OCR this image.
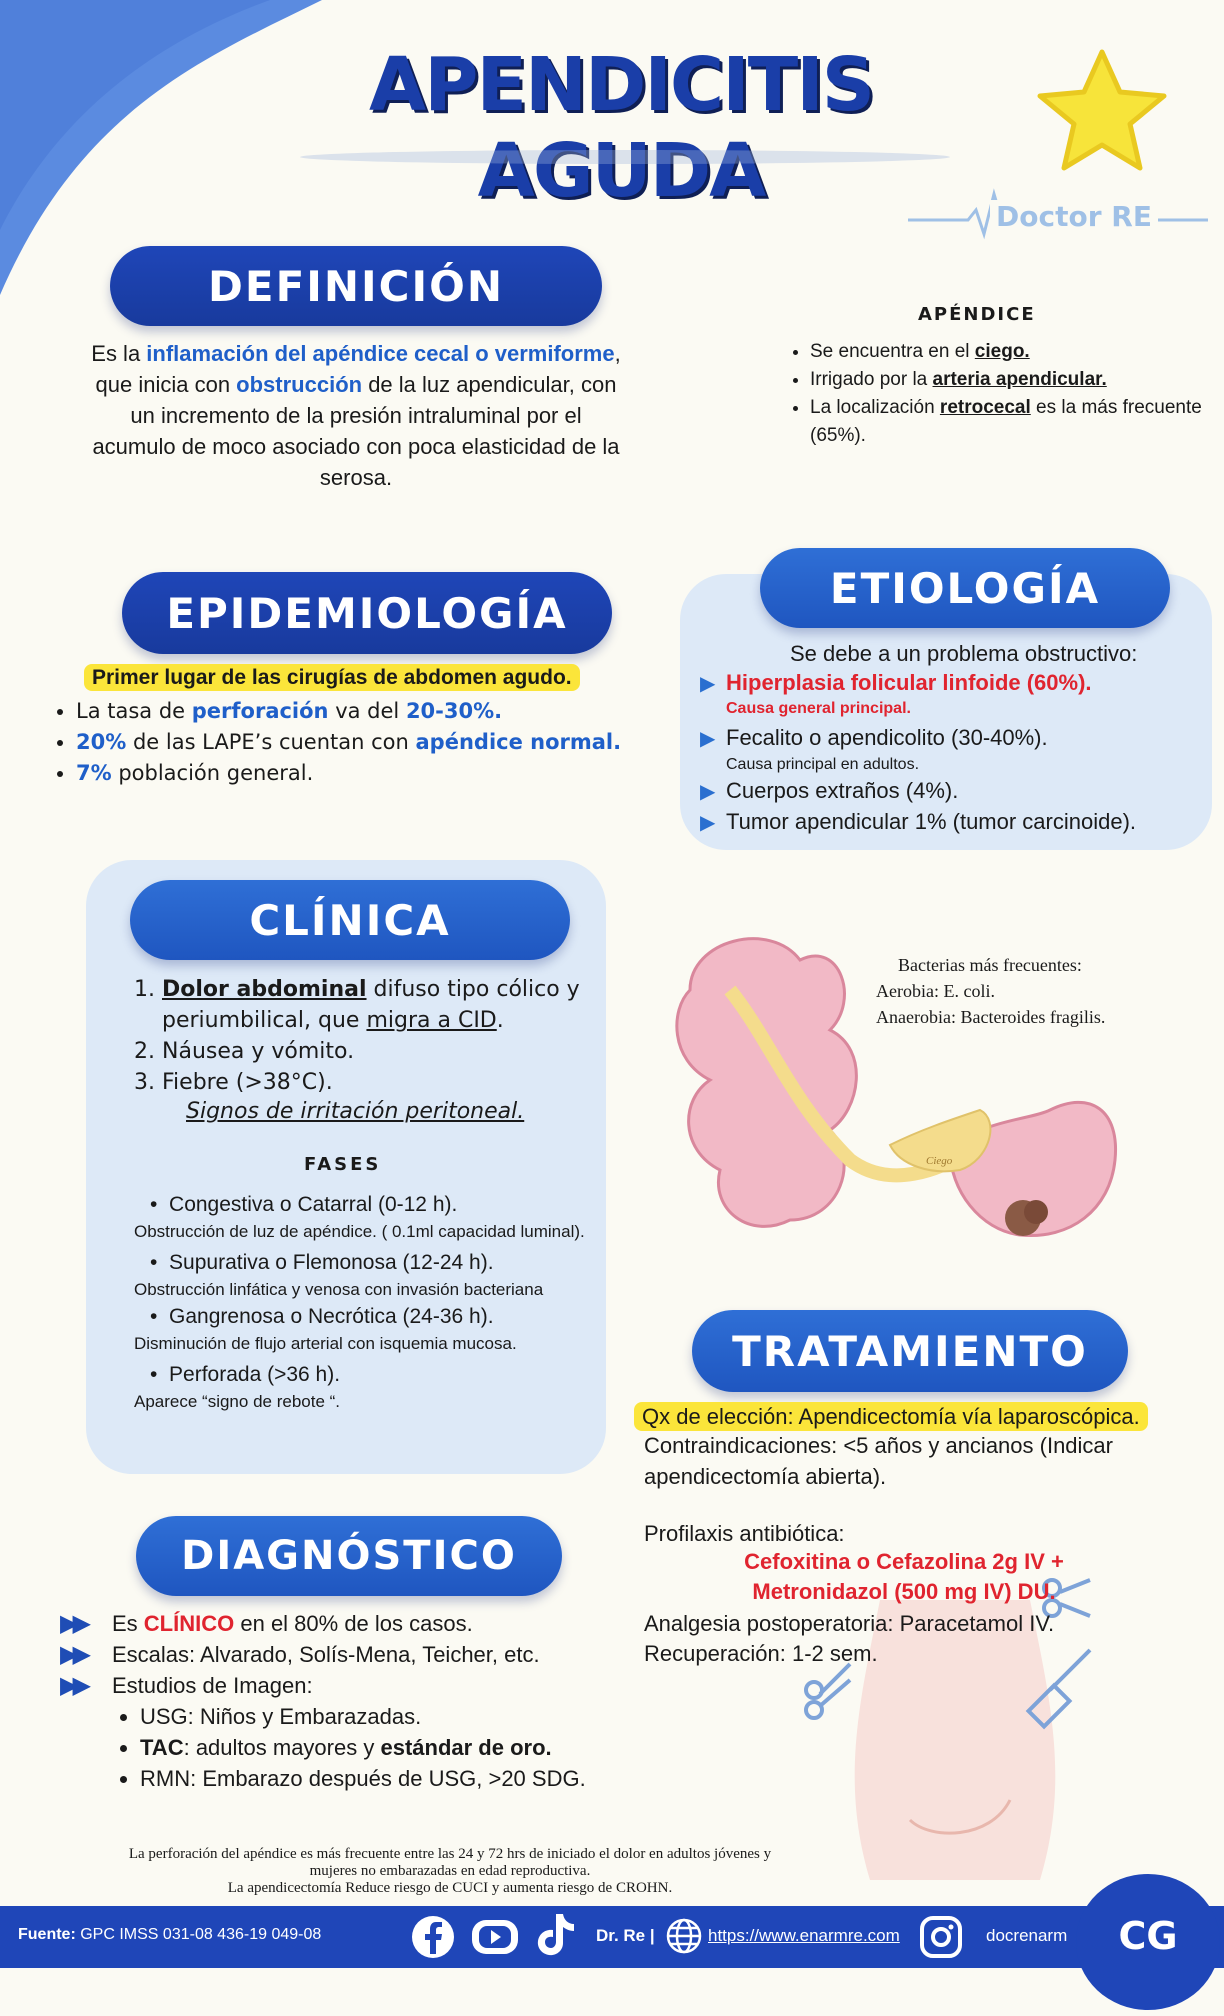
APENDICITIS AGUDA
Doctor RE
DEFINICIÓN
Es la inflamación del apéndice cecal o vermiforme, que inicia con obstrucción de la luz apendicular, con un incremento de la presión intraluminal por el acumulo de moco asociado con poca elasticidad de la serosa.
APÉNDICE
• Se encuentra en el ciego.
• Irrigado por la arteria apendicular.
• La localización retrocecal es la más frecuente (65%).
EPIDEMIOLOGÍA
Primer lugar de las cirugías de abdomen agudo.
• La tasa de perforación va del 20-30%.
• 20% de las LAPE’s cuentan con apéndice normal.
• 7% población general.
ETIOLOGÍA
Se debe a un problema obstructivo:
▶ Hiperplasia folicular linfoide (60%).
Causa general principal.
▶ Fecalito o apendicolito (30-40%).
Causa principal en adultos.
▶ Cuerpos extraños (4%).
▶ Tumor apendicular 1% (tumor carcinoide).
CLÍNICA
1. Dolor abdominal difuso tipo cólico y periumbilical, que migra a CID.
2. Náusea y vómito.
3. Fiebre (>38°C).
Signos de irritación peritoneal.
FASES
•  Congestiva o Catarral (0-12 h).
Obstrucción de luz de apéndice. ( 0.1ml capacidad luminal).
•  Supurativa o Flemonosa (12-24 h).
Obstrucción linfática y venosa con invasión bacteriana
•  Gangrenosa o Necrótica (24-36 h).
Disminución de flujo arterial con isquemia mucosa.
•  Perforada (>36 h).
Aparece “signo de rebote “.
Ciego
Bacterias más frecuentes:
Aerobia: E. coli.
Anaerobia: Bacteroides fragilis.
TRATAMIENTO
Qx de elección: Apendicectomía vía laparoscópica.
Contraindicaciones: <5 años y ancianos (Indicar apendicectomía abierta).
Profilaxis antibiótica:
Cefoxitina o Cefazolina 2g IV +
Metronidazol (500 mg IV) DU.
Analgesia postoperatoria: Paracetamol IV.
Recuperación: 1-2 sem.
DIAGNÓSTICO
▶▶ Es CLÍNICO en el 80% de los casos.
▶▶ Escalas: Alvarado, Solís-Mena, Teicher, etc.
▶▶ Estudios de Imagen:
• USG: Niños y Embarazadas.
• TAC: adultos mayores y estándar de oro.
• RMN: Embarazo después de USG, >20 SDG.
La perforación del apéndice es más frecuente entre las 24 y 72 hrs de iniciado el dolor en adultos jóvenes y
mujeres no embarazadas en edad reproductiva.
La apendicectomía Reduce riesgo de CUCI y aumenta riesgo de CROHN.
Fuente: GPC IMSS 031-08 436-19 049-08	Dr. Re |	https://www.enarmre.com	docrenarm CG
